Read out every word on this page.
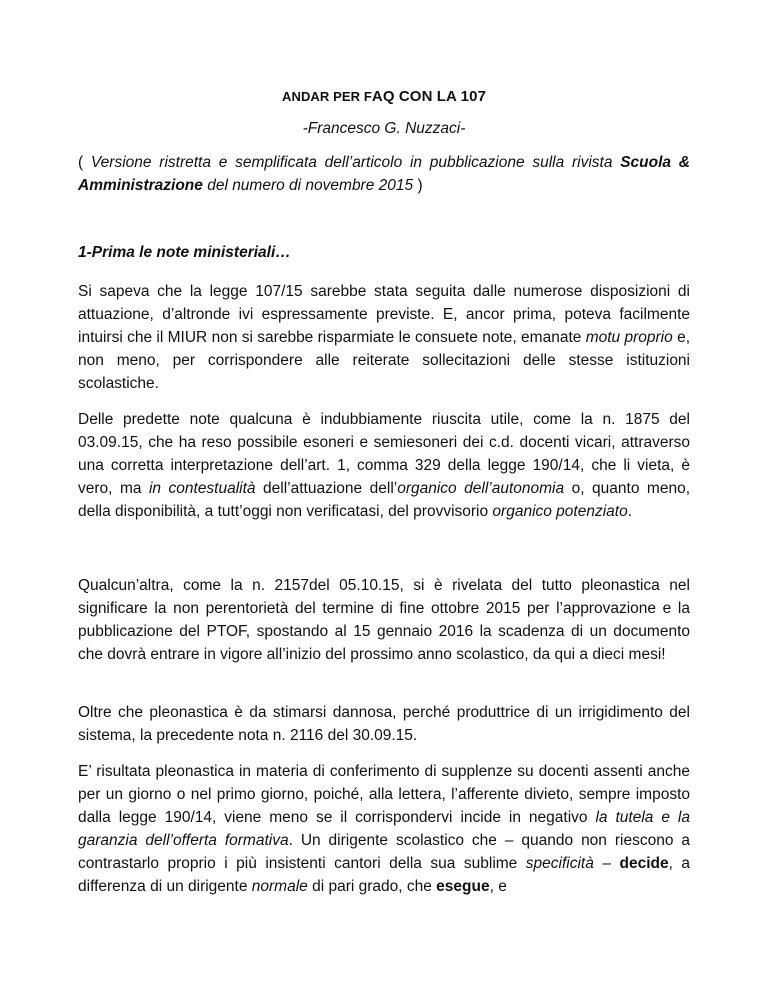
ANDAR PER FAQ CON LA 107
-Francesco G. Nuzzaci-

( Versione ristretta e semplificata dell’articolo in pubblicazione sulla rivista Scuola & Amministrazione del numero di novembre 2015 )

1-Prima le note ministeriali…

Si sapeva che la legge 107/15 sarebbe stata seguita dalle numerose disposizioni di attuazione, d’altronde ivi espressamente previste. E, ancor prima, poteva facilmente intuirsi che il MIUR non si sarebbe risparmiate le consuete note, emanate motu proprio e, non meno, per corrispondere alle reiterate sollecitazioni delle stesse istituzioni scolastiche.

Delle predette note qualcuna è indubbiamente riuscita utile, come la n. 1875 del 03.09.15, che ha reso possibile esoneri e semiesoneri dei c.d. docenti vicari, attraverso una corretta interpretazione dell’art. 1, comma 329 della legge 190/14, che li vieta, è vero, ma in contestualità dell’attuazione dell’organico dell’autonomia o, quanto meno, della disponibilità, a tutt’oggi non verificatasi, del provvisorio organico potenziato.

Qualcun’altra, come la n. 2157del 05.10.15, si è rivelata del tutto pleonastica nel significare la non perentorietà del termine di fine ottobre 2015 per l’approvazione e la pubblicazione del PTOF, spostando al 15 gennaio 2016 la scadenza di un documento che dovrà entrare in vigore all’inizio del prossimo anno scolastico, da qui a dieci mesi!

Oltre che pleonastica è da stimarsi dannosa, perché produttrice di un irrigidimento del sistema, la precedente nota n. 2116 del 30.09.15.

E’ risultata pleonastica in materia di conferimento di supplenze su docenti assenti anche per un giorno o nel primo giorno, poiché, alla lettera, l’afferente divieto, sempre imposto dalla legge 190/14, viene meno se il corrispondervi incide in negativo la tutela e la garanzia dell’offerta formativa. Un dirigente scolastico che – quando non riescono a contrastarlo proprio i più insistenti cantori della sua sublime specificità – decide, a differenza di un dirigente normale di pari grado, che esegue, e
